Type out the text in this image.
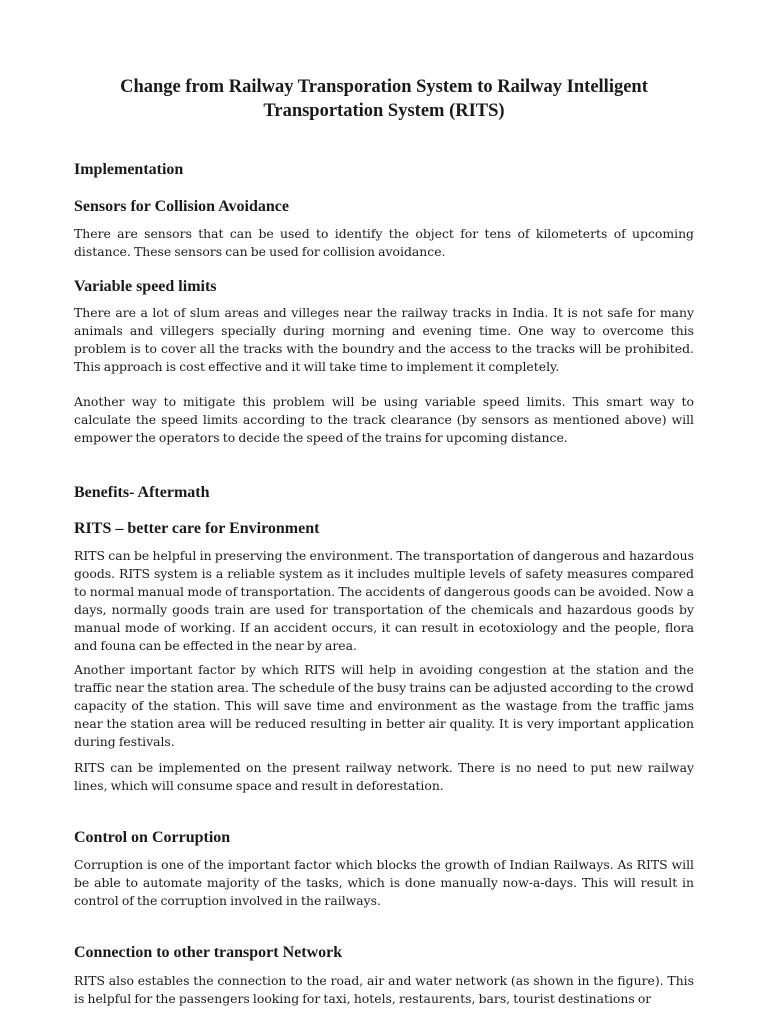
Change from Railway Transporation System to Railway Intelligent Transportation System (RITS)
Implementation
Sensors for Collision Avoidance

There are sensors that can be used to identify the object for tens of kilometerts of upcoming distance. These sensors can be used for collision avoidance.

Variable speed limits

There are a lot of slum areas and villeges near the railway tracks in India. It is not safe for many animals and villegers specially during morning and evening time. One way to overcome this problem is to cover all the tracks with the boundry and the access to the tracks will be prohibited. This approach is cost effective and it will take time to implement it completely.

Another way to mitigate this problem will be using variable speed limits. This smart way to calculate the speed limits according to the track clearance (by sensors as mentioned above) will empower the operators to decide the speed of the trains for upcoming distance.

Benefits- Aftermath
RITS – better care for Environment

RITS can be helpful in preserving the environment. The transportation of dangerous and hazardous goods. RITS system is a reliable system as it includes multiple levels of safety measures compared to normal manual mode of transportation. The accidents of dangerous goods can be avoided. Now a days, normally goods train are used for transportation of the chemicals and hazardous goods by manual mode of working. If an accident occurs, it can result in ecotoxiology and the people, flora and founa can be effected in the near by area.

Another important factor by which RITS will help in avoiding congestion at the station and the traffic near the station area. The schedule of the busy trains can be adjusted according to the crowd capacity of the station. This will save time and environment as the wastage from the traffic jams near the station area will be reduced resulting in better air quality. It is very important application during festivals.

RITS can be implemented on the present railway network. There is no need to put new railway lines, which will consume space and result in deforestation.

Control on Corruption

Corruption is one of the important factor which blocks the growth of Indian Railways. As RITS will be able to automate majority of the tasks, which is done manually now-a-days. This will result in control of the corruption involved in the railways.

Connection to other transport Network

RITS also estables the connection to the road, air and water network (as shown in the figure). This is helpful for the passengers looking for taxi, hotels, restaurents, bars, tourist destinations or
